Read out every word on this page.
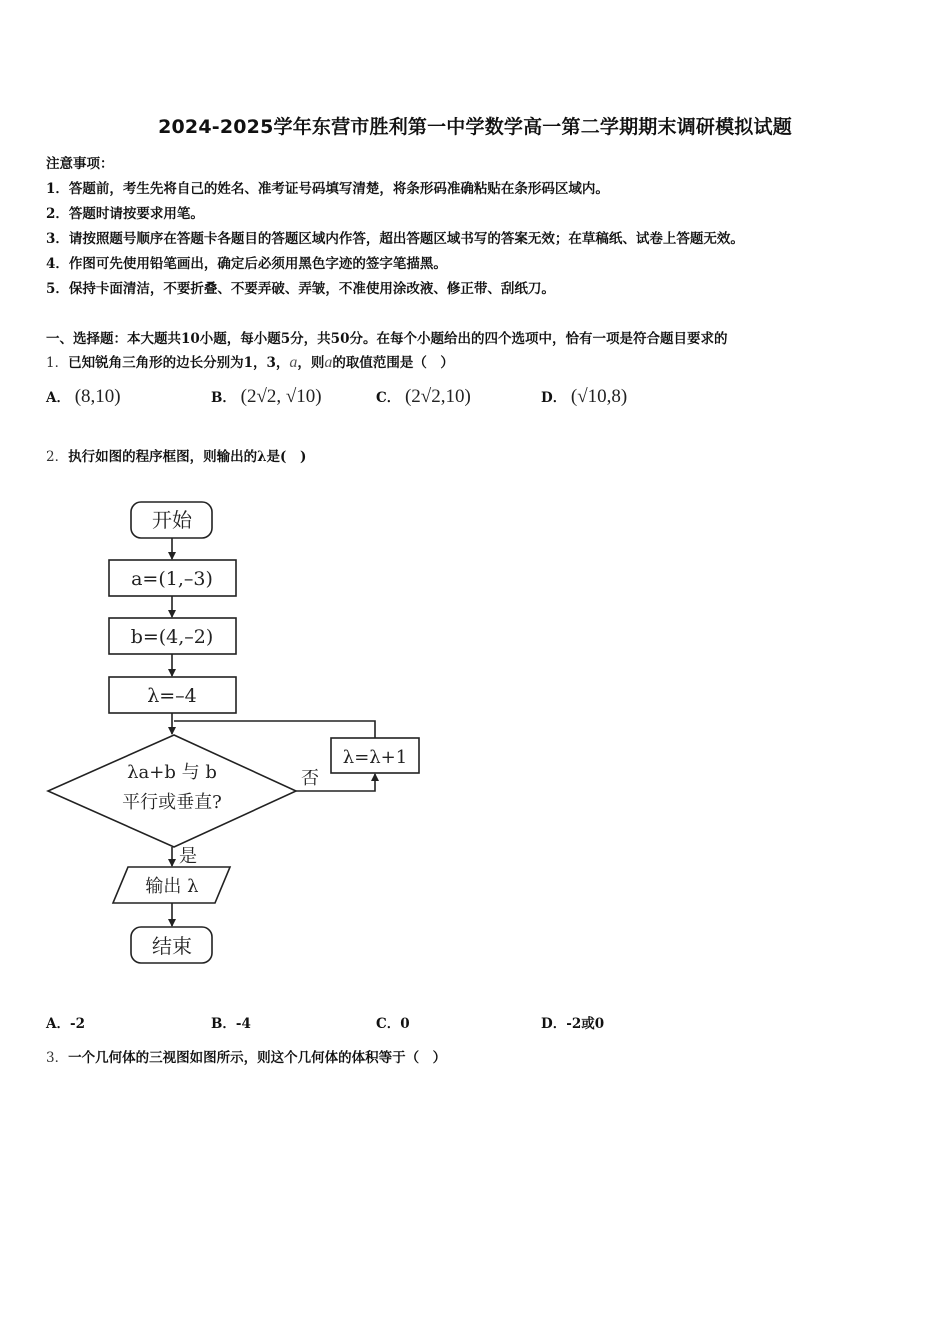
2024-2025学年东营市胜利第一中学数学高一第二学期期末调研模拟试题
注意事项：
1．答题前，考生先将自己的姓名、准考证号码填写清楚，将条形码准确粘贴在条形码区域内。
2．答题时请按要求用笔。
3．请按照题号顺序在答题卡各题目的答题区域内作答，超出答题区域书写的答案无效；在草稿纸、试卷上答题无效。
4．作图可先使用铅笔画出，确定后必须用黑色字迹的签字笔描黑。
5．保持卡面清洁，不要折叠、不要弄破、弄皱，不准使用涂改液、修正带、刮纸刀。
一、选择题：本大题共10小题，每小题5分，共50分。在每个小题给出的四个选项中，恰有一项是符合题目要求的
1．已知锐角三角形的边长分别为1，3，a，则a的取值范围是（　）
A． (8,10)	B． (2√2, √10)	C． (2√2,10)	D． (√10,8)
2．执行如图的程序框图，则输出的λ是(　)
开始
a=(1,–3)
b=(4,–2)
λ=–4
λa+b 与 b
平行或垂直?
否
λ=λ+1
是
输出 λ
结束
A．-2	B．-4	C．0	D．-2或0
3．一个几何体的三视图如图所示，则这个几何体的体积等于（　）
